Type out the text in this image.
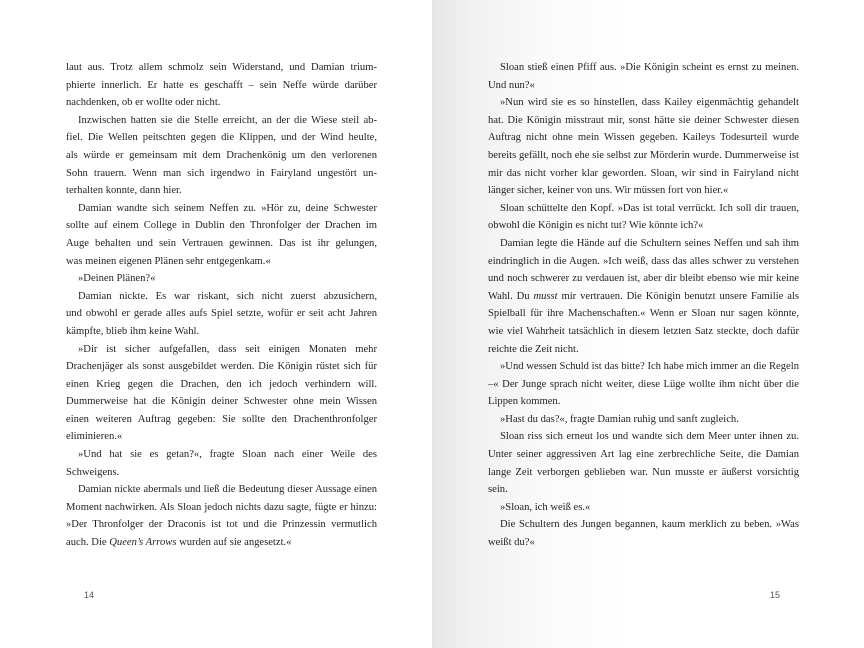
laut aus. Trotz allem schmolz sein Widerstand, und Damian trium-
phierte innerlich. Er hatte es geschafft – sein Neffe würde darüber
nachdenken, ob er wollte oder nicht.

Inzwischen hatten sie die Stelle erreicht, an der die Wiese steil ab-
fiel. Die Wellen peitschten gegen die Klippen, und der Wind heulte,
als würde er gemeinsam mit dem Drachenkönig um den verlorenen
Sohn trauern. Wenn man sich irgendwo in Fairyland ungestört un-
terhalten konnte, dann hier.

Damian wandte sich seinem Neffen zu. »Hör zu, deine Schwester
sollte auf einem College in Dublin den Thronfolger der Drachen im
Auge behalten und sein Vertrauen gewinnen. Das ist ihr gelungen,
was meinen eigenen Plänen sehr entgegenkam.«

»Deinen Plänen?«

Damian nickte. Es war riskant, sich nicht zuerst abzusichern,
und obwohl er gerade alles aufs Spiel setzte, wofür er seit acht Jahren
kämpfte, blieb ihm keine Wahl.

»Dir ist sicher aufgefallen, dass seit einigen Monaten mehr Drachenjäger als sonst ausgebildet werden. Die Königin rüstet sich für einen Krieg gegen die Drachen, den ich jedoch verhindern will. Dummerweise hat die Königin deiner Schwester ohne mein Wissen einen weiteren Auftrag gegeben: Sie sollte den Drachenthronfolger eliminieren.«

»Und hat sie es getan?«, fragte Sloan nach einer Weile des Schweigens.

Damian nickte abermals und ließ die Bedeutung dieser Aussage einen Moment nachwirken. Als Sloan jedoch nichts dazu sagte, fügte er hinzu: »Der Thronfolger der Draconis ist tot und die Prinzessin vermutlich auch. Die Queen’s Arrows wurden auf sie angesetzt.«

14

Sloan stieß einen Pfiff aus. »Die Königin scheint es ernst zu meinen. Und nun?«

»Nun wird sie es so hinstellen, dass Kailey eigenmächtig gehandelt hat. Die Königin misstraut mir, sonst hätte sie deiner Schwester diesen Auftrag nicht ohne mein Wissen gegeben. Kaileys Todesurteil wurde bereits gefällt, noch ehe sie selbst zur Mörderin wurde. Dummerweise ist mir das nicht vorher klar geworden. Sloan, wir sind in Fairyland nicht länger sicher, keiner von uns. Wir müssen fort von hier.«

Sloan schüttelte den Kopf. »Das ist total verrückt. Ich soll dir trauen, obwohl die Königin es nicht tut? Wie könnte ich?«

Damian legte die Hände auf die Schultern seines Neffen und sah ihm eindringlich in die Augen. »Ich weiß, dass das alles schwer zu verstehen und noch schwerer zu verdauen ist, aber dir bleibt ebenso wie mir keine Wahl. Du musst mir vertrauen. Die Königin benutzt unsere Familie als Spielball für ihre Machenschaften.« Wenn er Sloan nur sagen könnte, wie viel Wahrheit tatsächlich in diesem letzten Satz steckte, doch dafür reichte die Zeit nicht.

»Und wessen Schuld ist das bitte? Ich habe mich immer an die Regeln –« Der Junge sprach nicht weiter, diese Lüge wollte ihm nicht über die Lippen kommen.

»Hast du das?«, fragte Damian ruhig und sanft zugleich.

Sloan riss sich erneut los und wandte sich dem Meer unter ihnen zu. Unter seiner aggressiven Art lag eine zerbrechliche Seite, die Damian lange Zeit verborgen geblieben war. Nun musste er äußerst vorsichtig sein.

»Sloan, ich weiß es.«

Die Schultern des Jungen begannen, kaum merklich zu beben. »Was weißt du?«

15
